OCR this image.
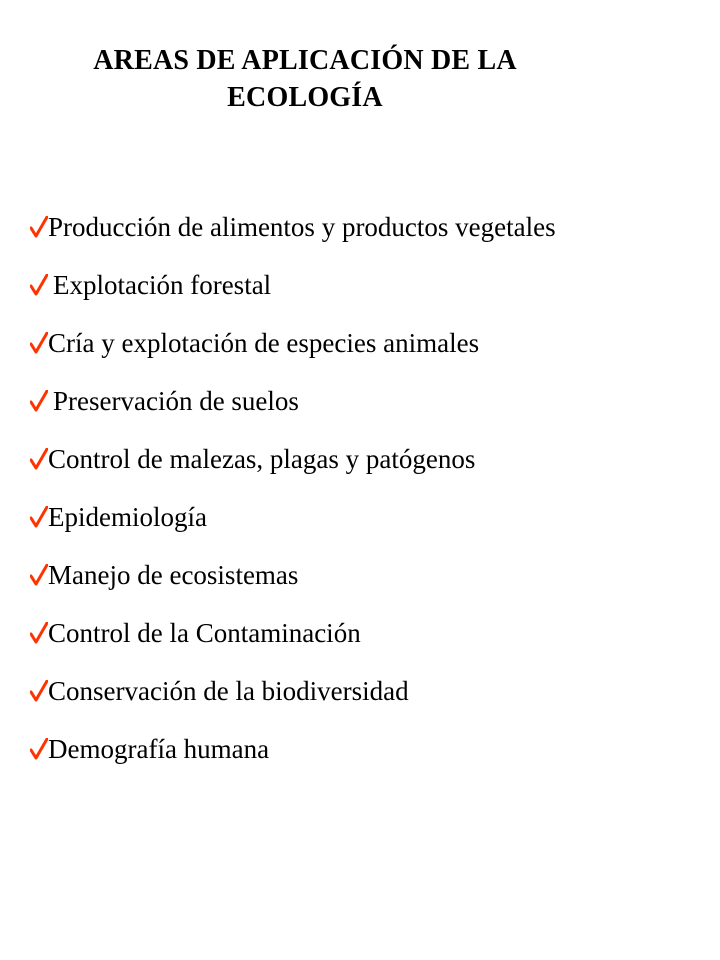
AREAS DE APLICACIÓN DE LA
ECOLOGÍA
Producción de alimentos y productos vegetales
Explotación forestal
Cría y explotación de especies animales
Preservación de suelos
Control de malezas, plagas y patógenos
Epidemiología
Manejo de ecosistemas
Control de la Contaminación
Conservación de la biodiversidad
Demografía humana
